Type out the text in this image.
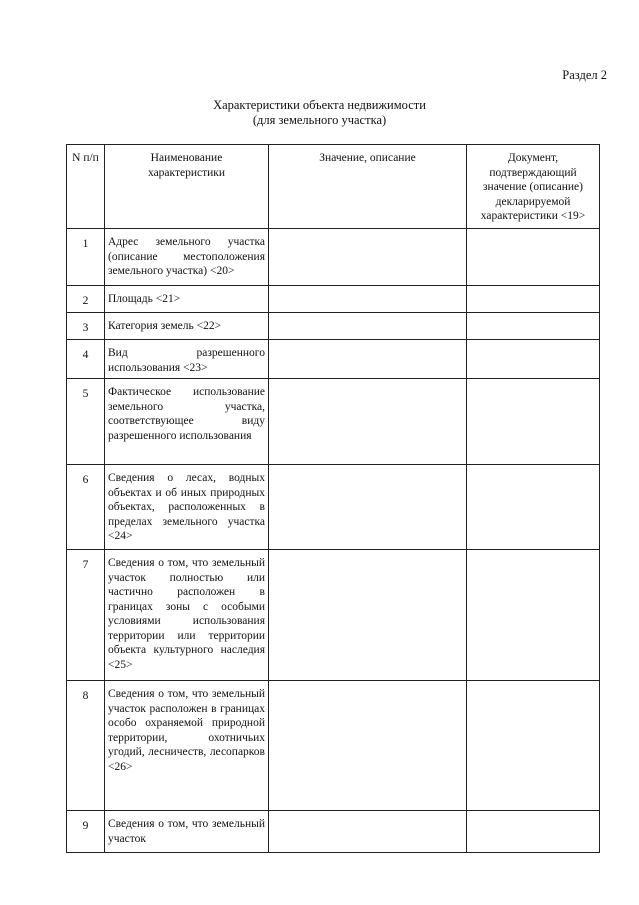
Раздел 2
Характеристики объекта недвижимости
(для земельного участка)
N п/п	Наименование характеристики	Значение, описание	Документ, подтверждающий значение (описание) декларируемой характеристики <19>

1	Адрес земельного участка (описание местоположения земельного участка) <20>		
2	Площадь <21>		
3	Категория земель <22>		
4	Вид разрешенного использования <23>		
5	Фактическое использование земельного участка, соответствующее виду разрешенного использования		
6	Сведения о лесах, водных объектах и об иных природных объектах, расположенных в пределах земельного участка <24>		
7	Сведения о том, что земельный участок полностью или частично расположен в границах зоны с особыми условиями использования территории или территории объекта культурного наследия <25>		
8	Сведения о том, что земельный участок расположен в границах особо охраняемой природной территории, охотничьих угодий, лесничеств, лесопарков <26>		
9	Сведения о том, что земельный участок		
